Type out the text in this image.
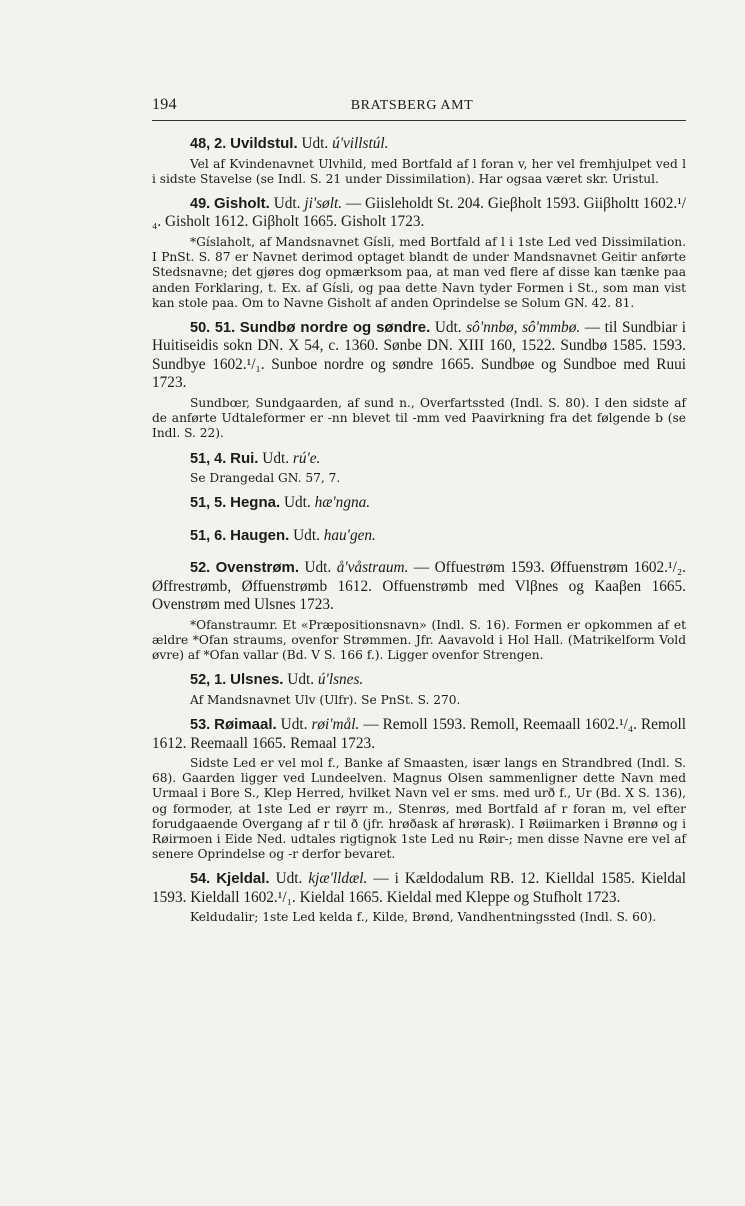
194	BRATSBERG AMT

48, 2. Uvildstul. Udt. ú'villstúl.

Vel af Kvindenavnet Ulvhild, med Bortfald af l foran v, her vel fremhjulpet ved l i sidste Stavelse (se Indl. S. 21 under Dissimilation). Har ogsaa været skr. Uristul.

49. Gisholt. Udt. ji'sølt. — Giisleholdt St. 204. Gieβholt 1593. Giiβholtt 1602.¹/₄. Gisholt 1612. Giβholt 1665. Gisholt 1723.

*Gíslaholt, af Mandsnavnet Gísli, med Bortfald af l i 1ste Led ved Dissimilation. I PnSt. S. 87 er Navnet derimod optaget blandt de under Mandsnavnet Geitir anførte Stedsnavne; det gjøres dog opmærksom paa, at man ved flere af disse kan tænke paa anden Forklaring, t. Ex. af Gísli, og paa dette Navn tyder Formen i St., som man vist kan stole paa. Om to Navne Gisholt af anden Oprindelse se Solum GN. 42. 81.

50. 51. Sundbø nordre og søndre. Udt. sô'nnbø, sô'mmbø. — til Sundbiar i Huitiseidis sokn DN. X 54, c. 1360. Sønbe DN. XIII 160, 1522. Sundbø 1585. 1593. Sundbye 1602.¹/₁. Sunboe nordre og søndre 1665. Sundbøe og Sundboe med Ruui 1723.

Sundbœr, Sundgaarden, af sund n., Overfartssted (Indl. S. 80). I den sidste af de anførte Udtaleformer er -nn blevet til -mm ved Paavirkning fra det følgende b (se Indl. S. 22).

51, 4. Rui. Udt. rú'e.

Se Drangedal GN. 57, 7.

51, 5. Hegna. Udt. hæ'ngna.

51, 6. Haugen. Udt. hau'gen.

52. Ovenstrøm. Udt. å'våstraum. — Offuestrøm 1593. Øffuenstrøm 1602.¹/₂. Øffrestrømb, Øffuenstrømb 1612. Offuenstrømb med Vlβnes og Kaaβen 1665. Ovenstrøm med Ulsnes 1723.

*Ofanstraumr. Et «Præpositionsnavn» (Indl. S. 16). Formen er opkommen af et ældre *Ofan straums, ovenfor Strømmen. Jfr. Aavavold i Hol Hall. (Matrikelform Vold øvre) af *Ofan vallar (Bd. V S. 166 f.). Ligger ovenfor Strengen.

52, 1. Ulsnes. Udt. ú'lsnes.

Af Mandsnavnet Ulv (Ulfr). Se PnSt. S. 270.

53. Røimaal. Udt. røi'mål. — Remoll 1593. Remoll, Reemaall 1602.¹/₄. Remoll 1612. Reemaall 1665. Remaal 1723.

Sidste Led er vel mol f., Banke af Smaasten, især langs en Strandbred (Indl. S. 68). Gaarden ligger ved Lundeelven. Magnus Olsen sammenligner dette Navn med Urmaal i Bore S., Klep Herred, hvilket Navn vel er sms. med urð f., Ur (Bd. X S. 136), og formoder, at 1ste Led er røyrr m., Stenrøs, med Bortfald af r foran m, vel efter forudgaaende Overgang af r til ð (jfr. hrøðask af hrørask). I Røiimarken i Brønnø og i Røirmoen i Eide Ned. udtales rigtignok 1ste Led nu Røir-; men disse Navne ere vel af senere Oprindelse og -r derfor bevaret.

54. Kjeldal. Udt. kjæ'lldæl. — i Kældodalum RB. 12. Kielldal 1585. Kieldal 1593. Kieldall 1602.¹/₁. Kieldal 1665. Kieldal med Kleppe og Stufholt 1723.

Keldudalir; 1ste Led kelda f., Kilde, Brønd, Vandhentningssted (Indl. S. 60).
